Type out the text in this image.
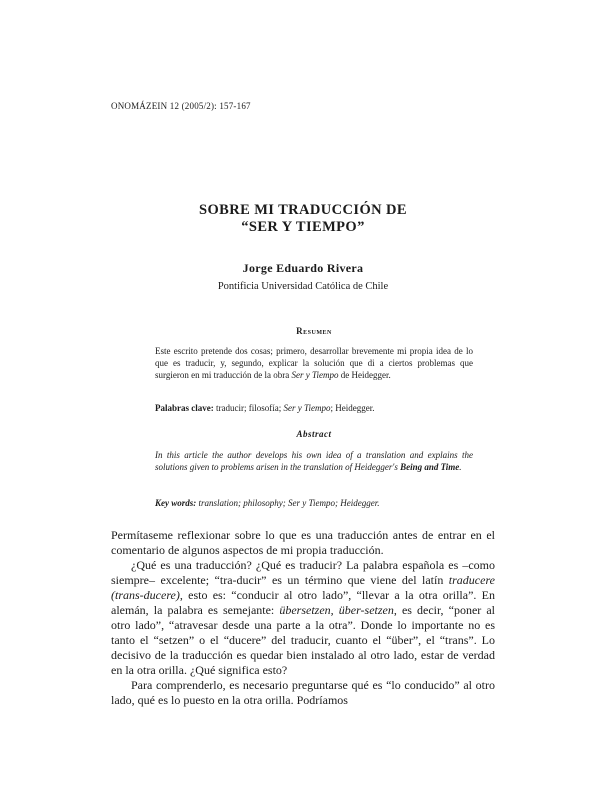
ONOMÁZEIN 12 (2005/2): 157-167
SOBRE MI TRADUCCIÓN DE
“SER Y TIEMPO”
Jorge Eduardo Rivera
Pontificia Universidad Católica de Chile
Resumen
Este escrito pretende dos cosas; primero, desarrollar brevemente mi propia idea de lo que es traducir, y, segundo, explicar la solución que di a ciertos problemas que surgieron en mi traducción de la obra Ser y Tiempo de Heidegger.
Palabras clave: traducir; filosofía; Ser y Tiempo; Heidegger.
Abstract
In this article the author develops his own idea of a translation and explains the solutions given to problems arisen in the translation of Heidegger's Being and Time.
Key words: translation; philosophy; Ser y Tiempo; Heidegger.

Permítaseme reflexionar sobre lo que es una traducción antes de entrar en el comentario de algunos aspectos de mi propia traducción.

¿Qué es una traducción? ¿Qué es traducir? La palabra española es –como siempre– excelente; “tra-ducir” es un término que viene del latín traducere (trans-ducere), esto es: “conducir al otro lado”, “llevar a la otra orilla”. En alemán, la palabra es semejante: übersetzen, über-setzen, es decir, “poner al otro lado”, “atravesar desde una parte a la otra”. Donde lo importante no es tanto el “setzen” o el “ducere” del traducir, cuanto el “über”, el “trans”. Lo decisivo de la traducción es quedar bien instalado al otro lado, estar de verdad en la otra orilla. ¿Qué significa esto?

Para comprenderlo, es necesario preguntarse qué es “lo conducido” al otro lado, qué es lo puesto en la otra orilla. Podríamos
